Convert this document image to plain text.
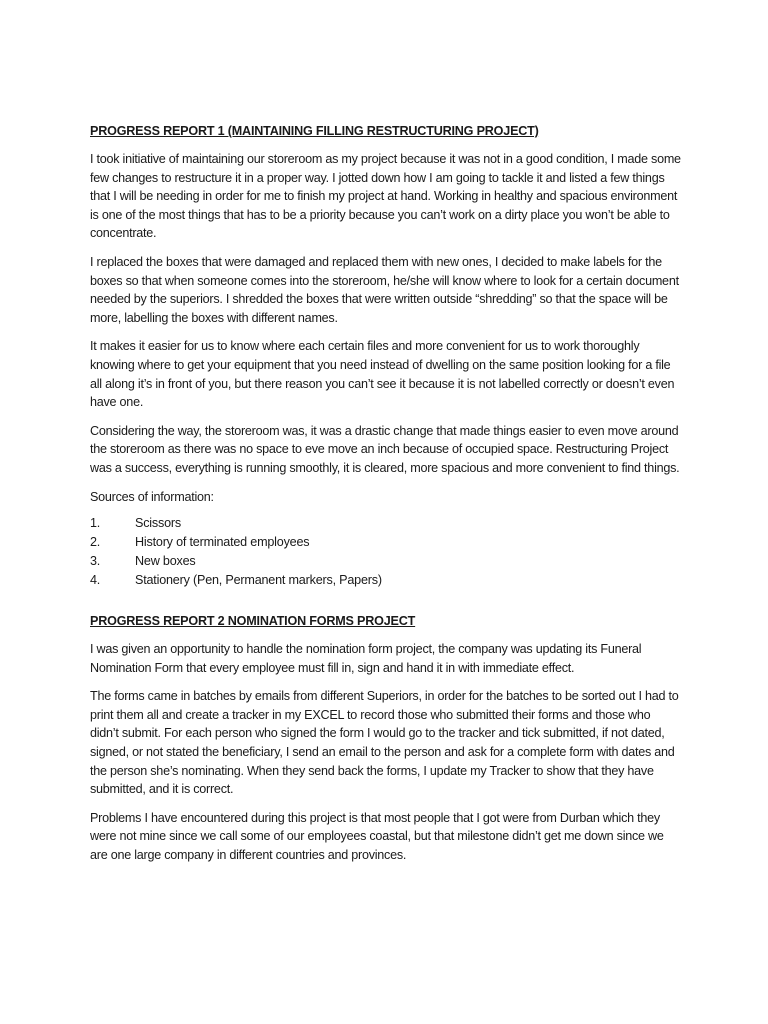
PROGRESS REPORT 1 (MAINTAINING FILLING RESTRUCTURING PROJECT)

I took initiative of maintaining our storeroom as my project because it was not in a good condition, I made some few changes to restructure it in a proper way. I jotted down how I am going to tackle it and listed a few things that I will be needing in order for me to finish my project at hand. Working in healthy and spacious environment is one of the most things that has to be a priority because you can’t work on a dirty place you won’t be able to concentrate.

I replaced the boxes that were damaged and replaced them with new ones, I decided to make labels for the boxes so that when someone comes into the storeroom, he/she will know where to look for a certain document needed by the superiors. I shredded the boxes that were written outside “shredding” so that the space will be more, labelling the boxes with different names.

It makes it easier for us to know where each certain files and more convenient for us to work thoroughly knowing where to get your equipment that you need instead of dwelling on the same position looking for a file all along it’s in front of you, but there reason you can’t see it because it is not labelled correctly or doesn’t even have one.

Considering the way, the storeroom was, it was a drastic change that made things easier to even move around the storeroom as there was no space to eve move an inch because of occupied space. Restructuring Project was a success, everything is running smoothly, it is cleared, more spacious and more convenient to find things.

Sources of information:

1.	Scissors
2.	History of terminated employees
3.	New boxes
4.	Stationery (Pen, Permanent markers, Papers)
PROGRESS REPORT 2 NOMINATION FORMS PROJECT

I was given an opportunity to handle the nomination form project, the company was updating its Funeral Nomination Form that every employee must fill in, sign and hand it in with immediate effect.

The forms came in batches by emails from different Superiors, in order for the batches to be sorted out I had to print them all and create a tracker in my EXCEL to record those who submitted their forms and those who didn’t submit. For each person who signed the form I would go to the tracker and tick submitted, if not dated, signed, or not stated the beneficiary, I send an email to the person and ask for a complete form with dates and the person she’s nominating. When they send back the forms, I update my Tracker to show that they have submitted, and it is correct.

Problems I have encountered during this project is that most people that I got were from Durban which they were not mine since we call some of our employees coastal, but that milestone didn’t get me down since we are one large company in different countries and provinces.
